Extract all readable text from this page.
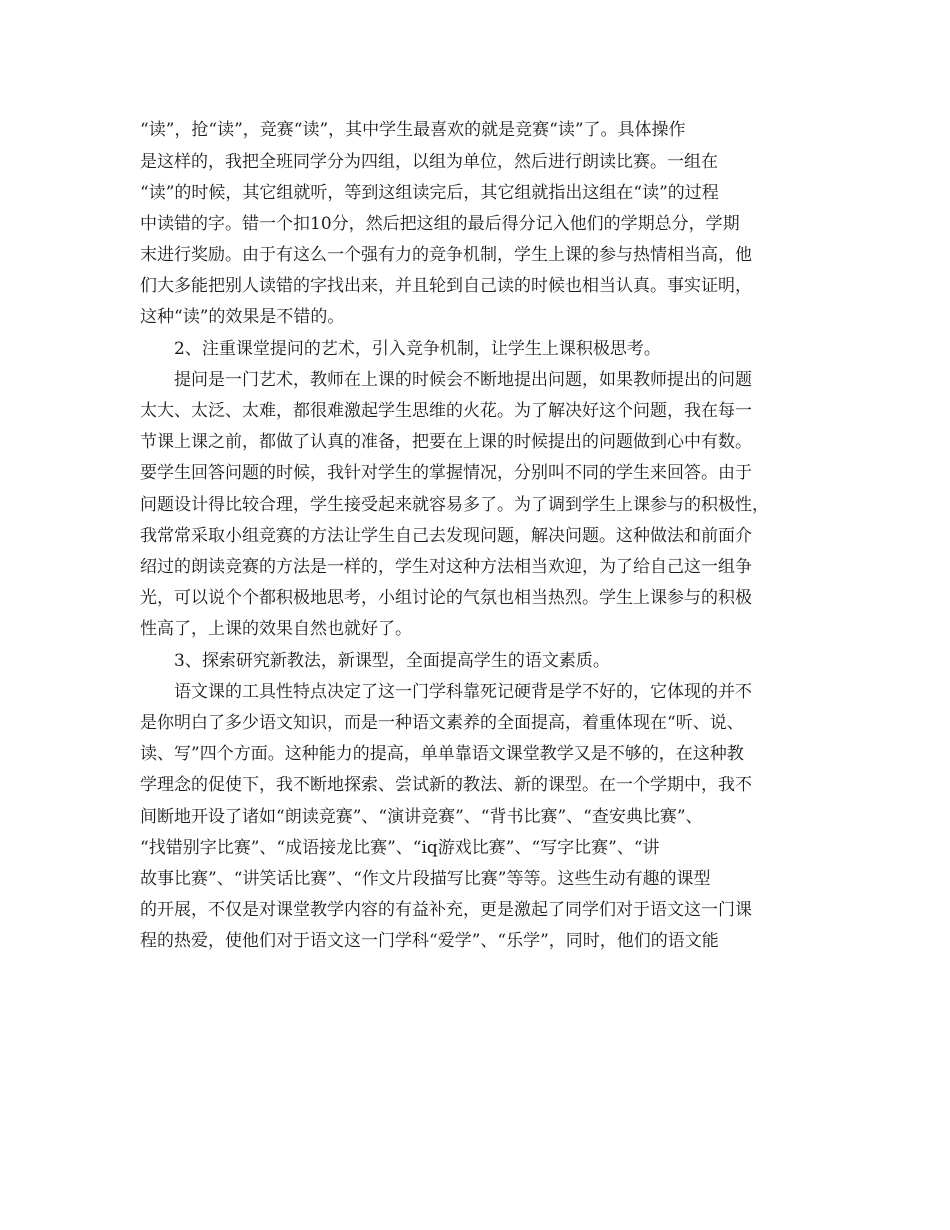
“读”，抢“读”，竞赛“读”，其中学生最喜欢的就是竞赛“读”了。具体操作
是这样的，我把全班同学分为四组，以组为单位，然后进行朗读比赛。一组在
“读”的时候，其它组就听，等到这组读完后，其它组就指出这组在“读”的过程
中读错的字。错一个扣10分，然后把这组的最后得分记入他们的学期总分，学期
末进行奖励。由于有这么一个强有力的竞争机制，学生上课的参与热情相当高，他
们大多能把别人读错的字找出来，并且轮到自己读的时候也相当认真。事实证明，
这种“读”的效果是不错的。
2、注重课堂提问的艺术，引入竞争机制，让学生上课积极思考。
提问是一门艺术，教师在上课的时候会不断地提出问题，如果教师提出的问题
太大、太泛、太难，都很难激起学生思维的火花。为了解决好这个问题，我在每一
节课上课之前，都做了认真的准备，把要在上课的时候提出的问题做到心中有数。
要学生回答问题的时候，我针对学生的掌握情况，分别叫不同的学生来回答。由于
问题设计得比较合理，学生接受起来就容易多了。为了调到学生上课参与的积极性，
我常常采取小组竞赛的方法让学生自己去发现问题，解决问题。这种做法和前面介
绍过的朗读竞赛的方法是一样的，学生对这种方法相当欢迎，为了给自己这一组争
光，可以说个个都积极地思考，小组讨论的气氛也相当热烈。学生上课参与的积极
性高了，上课的效果自然也就好了。
3、探索研究新教法，新课型，全面提高学生的语文素质。
语文课的工具性特点决定了这一门学科靠死记硬背是学不好的，它体现的并不
是你明白了多少语文知识，而是一种语文素养的全面提高，着重体现在“听、说、
读、写”四个方面。这种能力的提高，单单靠语文课堂教学又是不够的，在这种教
学理念的促使下，我不断地探索、尝试新的教法、新的课型。在一个学期中，我不
间断地开设了诸如“朗读竞赛”、“演讲竞赛”、“背书比赛”、“查安典比赛”、
“找错别字比赛”、“成语接龙比赛”、“iq游戏比赛”、“写字比赛”、“讲
故事比赛”、“讲笑话比赛”、“作文片段描写比赛”等等。这些生动有趣的课型
的开展，不仅是对课堂教学内容的有益补充，更是激起了同学们对于语文这一门课
程的热爱，使他们对于语文这一门学科“爱学”、“乐学”，同时，他们的语文能
